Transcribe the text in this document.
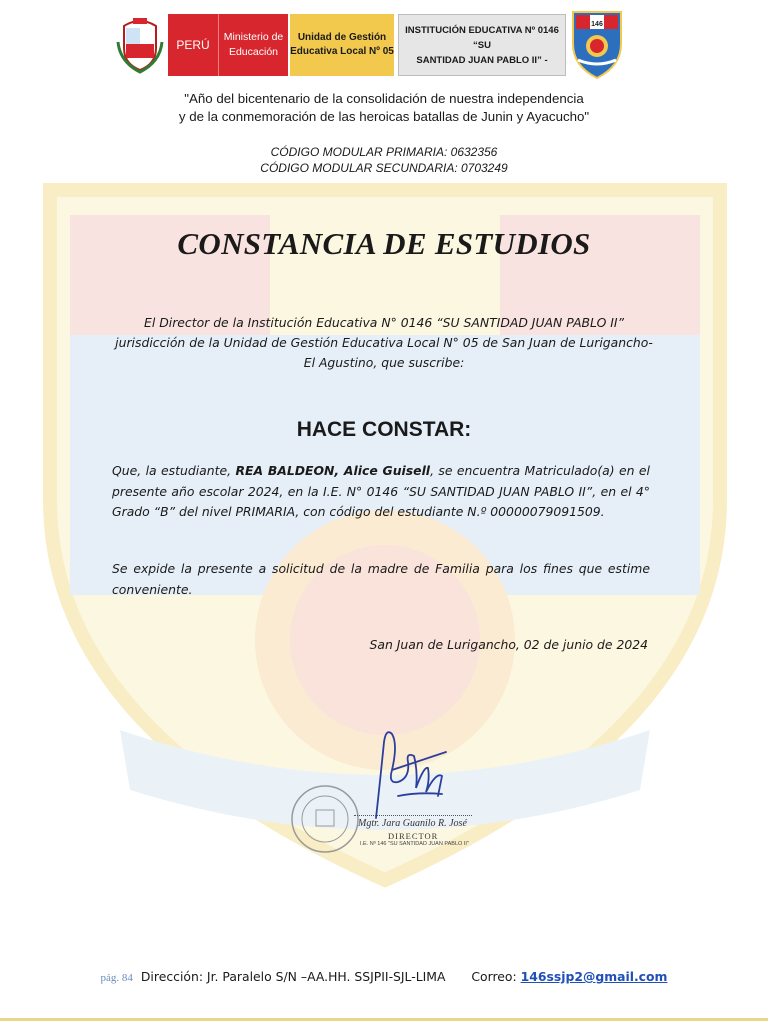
PERÚ
Ministerio de
Educación
Unidad de Gestión
Educativa Local Nº 05
INSTITUCIÓN EDUCATIVA Nº 0146 “SU
SANTIDAD JUAN PABLO II” -
146
"Año del bicentenario de la consolidación de nuestra independencia
y de la conmemoración de las heroicas batallas de Junin y Ayacucho"
CÓDIGO MODULAR PRIMARIA: 0632356
CÓDIGO MODULAR SECUNDARIA: 0703249
CONSTANCIA DE ESTUDIOS
El Director de la Institución Educativa N° 0146 “SU SANTIDAD JUAN PABLO II” jurisdicción de la Unidad de Gestión Educativa Local N° 05 de San Juan de Lurigancho-El Agustino, que suscribe:
HACE CONSTAR:
Que, la estudiante, REA BALDEON, Alice Guisell, se encuentra Matriculado(a) en el presente año escolar 2024, en la I.E. N° 0146 “SU SANTIDAD JUAN PABLO II”, en el 4° Grado “B” del nivel PRIMARIA, con código del estudiante N.º 00000079091509.
Se expide la presente a solicitud de la madre de Familia para los fines que estime conveniente.
San Juan de Lurigancho, 02 de junio de 2024
Mgtr. Jara Guanilo R. José
DIRECTOR
I.E. Nº 146 "SU SANTIDAD JUAN PABLO II"
pág. 84 Dirección: Jr. Paralelo S/N –AA.HH. SSJPII-SJL-LIMA Correo: 146ssjp2@gmail.com
